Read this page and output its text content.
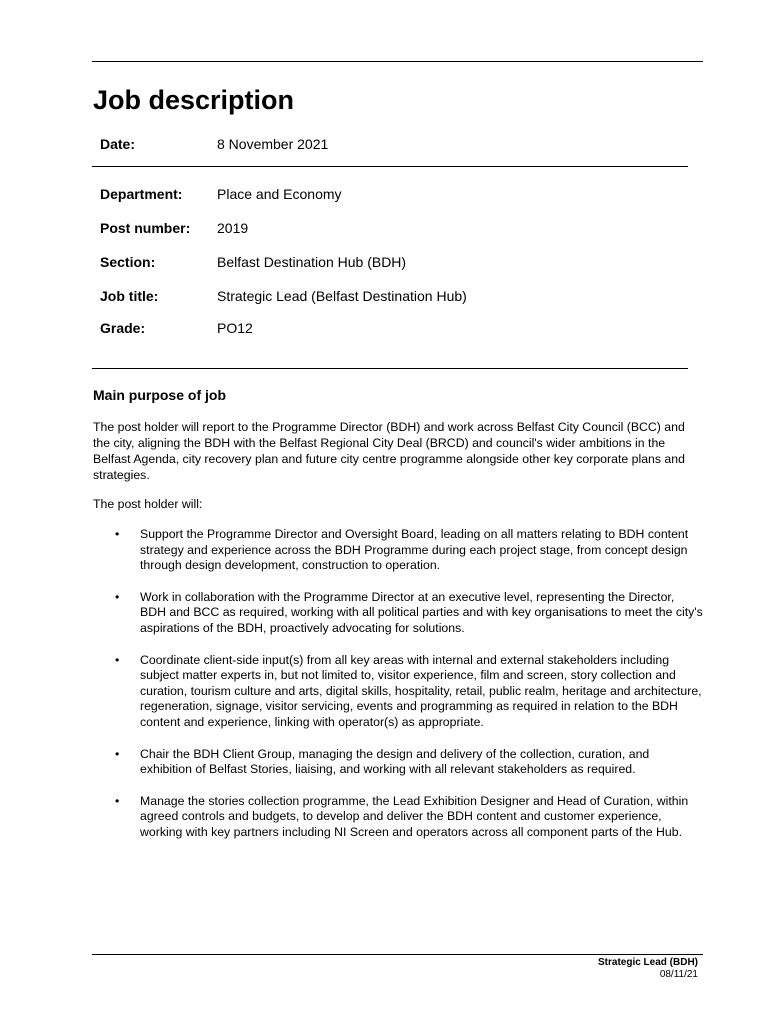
Job description
Date:	8 November 2021
Department: Place and Economy
Post number: 2019
Section:	Belfast Destination Hub (BDH)
Job title:	Strategic Lead (Belfast Destination Hub)
Grade:	PO12
Main purpose of job

The post holder will report to the Programme Director (BDH) and work across Belfast City Council (BCC) and the city, aligning the BDH with the Belfast Regional City Deal (BRCD) and council's wider ambitions in the Belfast Agenda, city recovery plan and future city centre programme alongside other key corporate plans and strategies.

The post holder will:

• Support the Programme Director and Oversight Board, leading on all matters relating to BDH content strategy and experience across the BDH Programme during each project stage, from concept design through design development, construction to operation.
• Work in collaboration with the Programme Director at an executive level, representing the Director, BDH and BCC as required, working with all political parties and with key organisations to meet the city's aspirations of the BDH, proactively advocating for solutions.
• Coordinate client-side input(s) from all key areas with internal and external stakeholders including subject matter experts in, but not limited to, visitor experience, film and screen, story collection and curation, tourism culture and arts, digital skills, hospitality, retail, public realm, heritage and architecture, regeneration, signage, visitor servicing, events and programming as required in relation to the BDH content and experience, linking with operator(s) as appropriate.
• Chair the BDH Client Group, managing the design and delivery of the collection, curation, and exhibition of Belfast Stories, liaising, and working with all relevant stakeholders as required.
• Manage the stories collection programme, the Lead Exhibition Designer and Head of Curation, within agreed controls and budgets, to develop and deliver the BDH content and customer experience, working with key partners including NI Screen and operators across all component parts of the Hub.
Strategic Lead (BDH)
08/11/21
